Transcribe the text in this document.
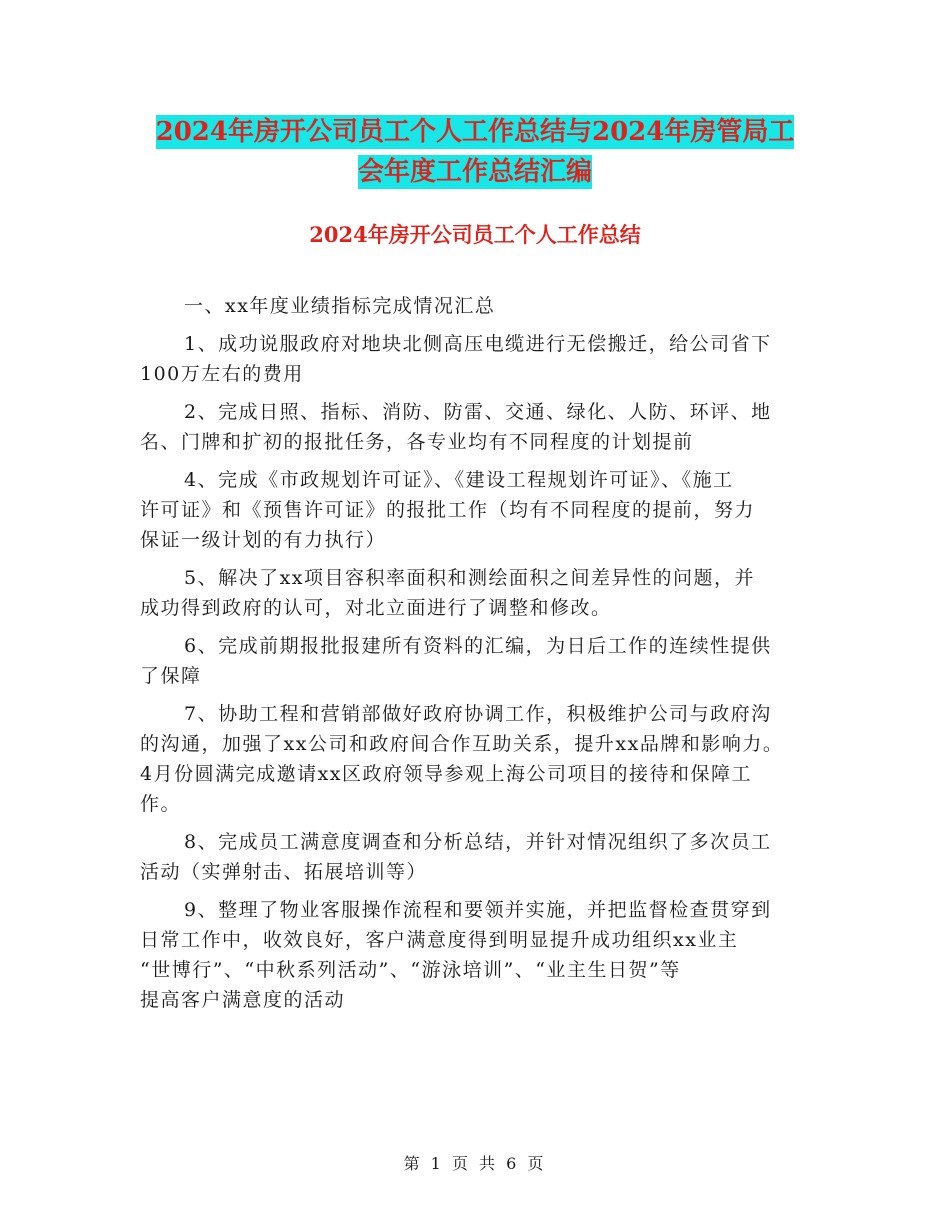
2024年房开公司员工个人工作总结与2024年房管局工
会年度工作总结汇编
2024年房开公司员工个人工作总结
一、xx年度业绩指标完成情况汇总
1、成功说服政府对地块北侧高压电缆进行无偿搬迁，给公司省下
100万左右的费用
2、完成日照、指标、消防、防雷、交通、绿化、人防、环评、地
名、门牌和扩初的报批任务，各专业均有不同程度的计划提前
4、完成《市政规划许可证》、《建设工程规划许可证》、《施工
许可证》和《预售许可证》的报批工作（均有不同程度的提前，努力
保证一级计划的有力执行）
5、解决了xx项目容积率面积和测绘面积之间差异性的问题，并
成功得到政府的认可，对北立面进行了调整和修改。
6、完成前期报批报建所有资料的汇编，为日后工作的连续性提供
了保障
7、协助工程和营销部做好政府协调工作，积极维护公司与政府沟
的沟通，加强了xx公司和政府间合作互助关系，提升xx品牌和影响力。
4月份圆满完成邀请xx区政府领导参观上海公司项目的接待和保障工
作。
8、完成员工满意度调查和分析总结，并针对情况组织了多次员工
活动（实弹射击、拓展培训等）
9、整理了物业客服操作流程和要领并实施，并把监督检查贯穿到
日常工作中，收效良好，客户满意度得到明显提升成功组织xx业主
“世博行”、“中秋系列活动”、“游泳培训”、“业主生日贺”等
提高客户满意度的活动
第 1 页 共 6 页
